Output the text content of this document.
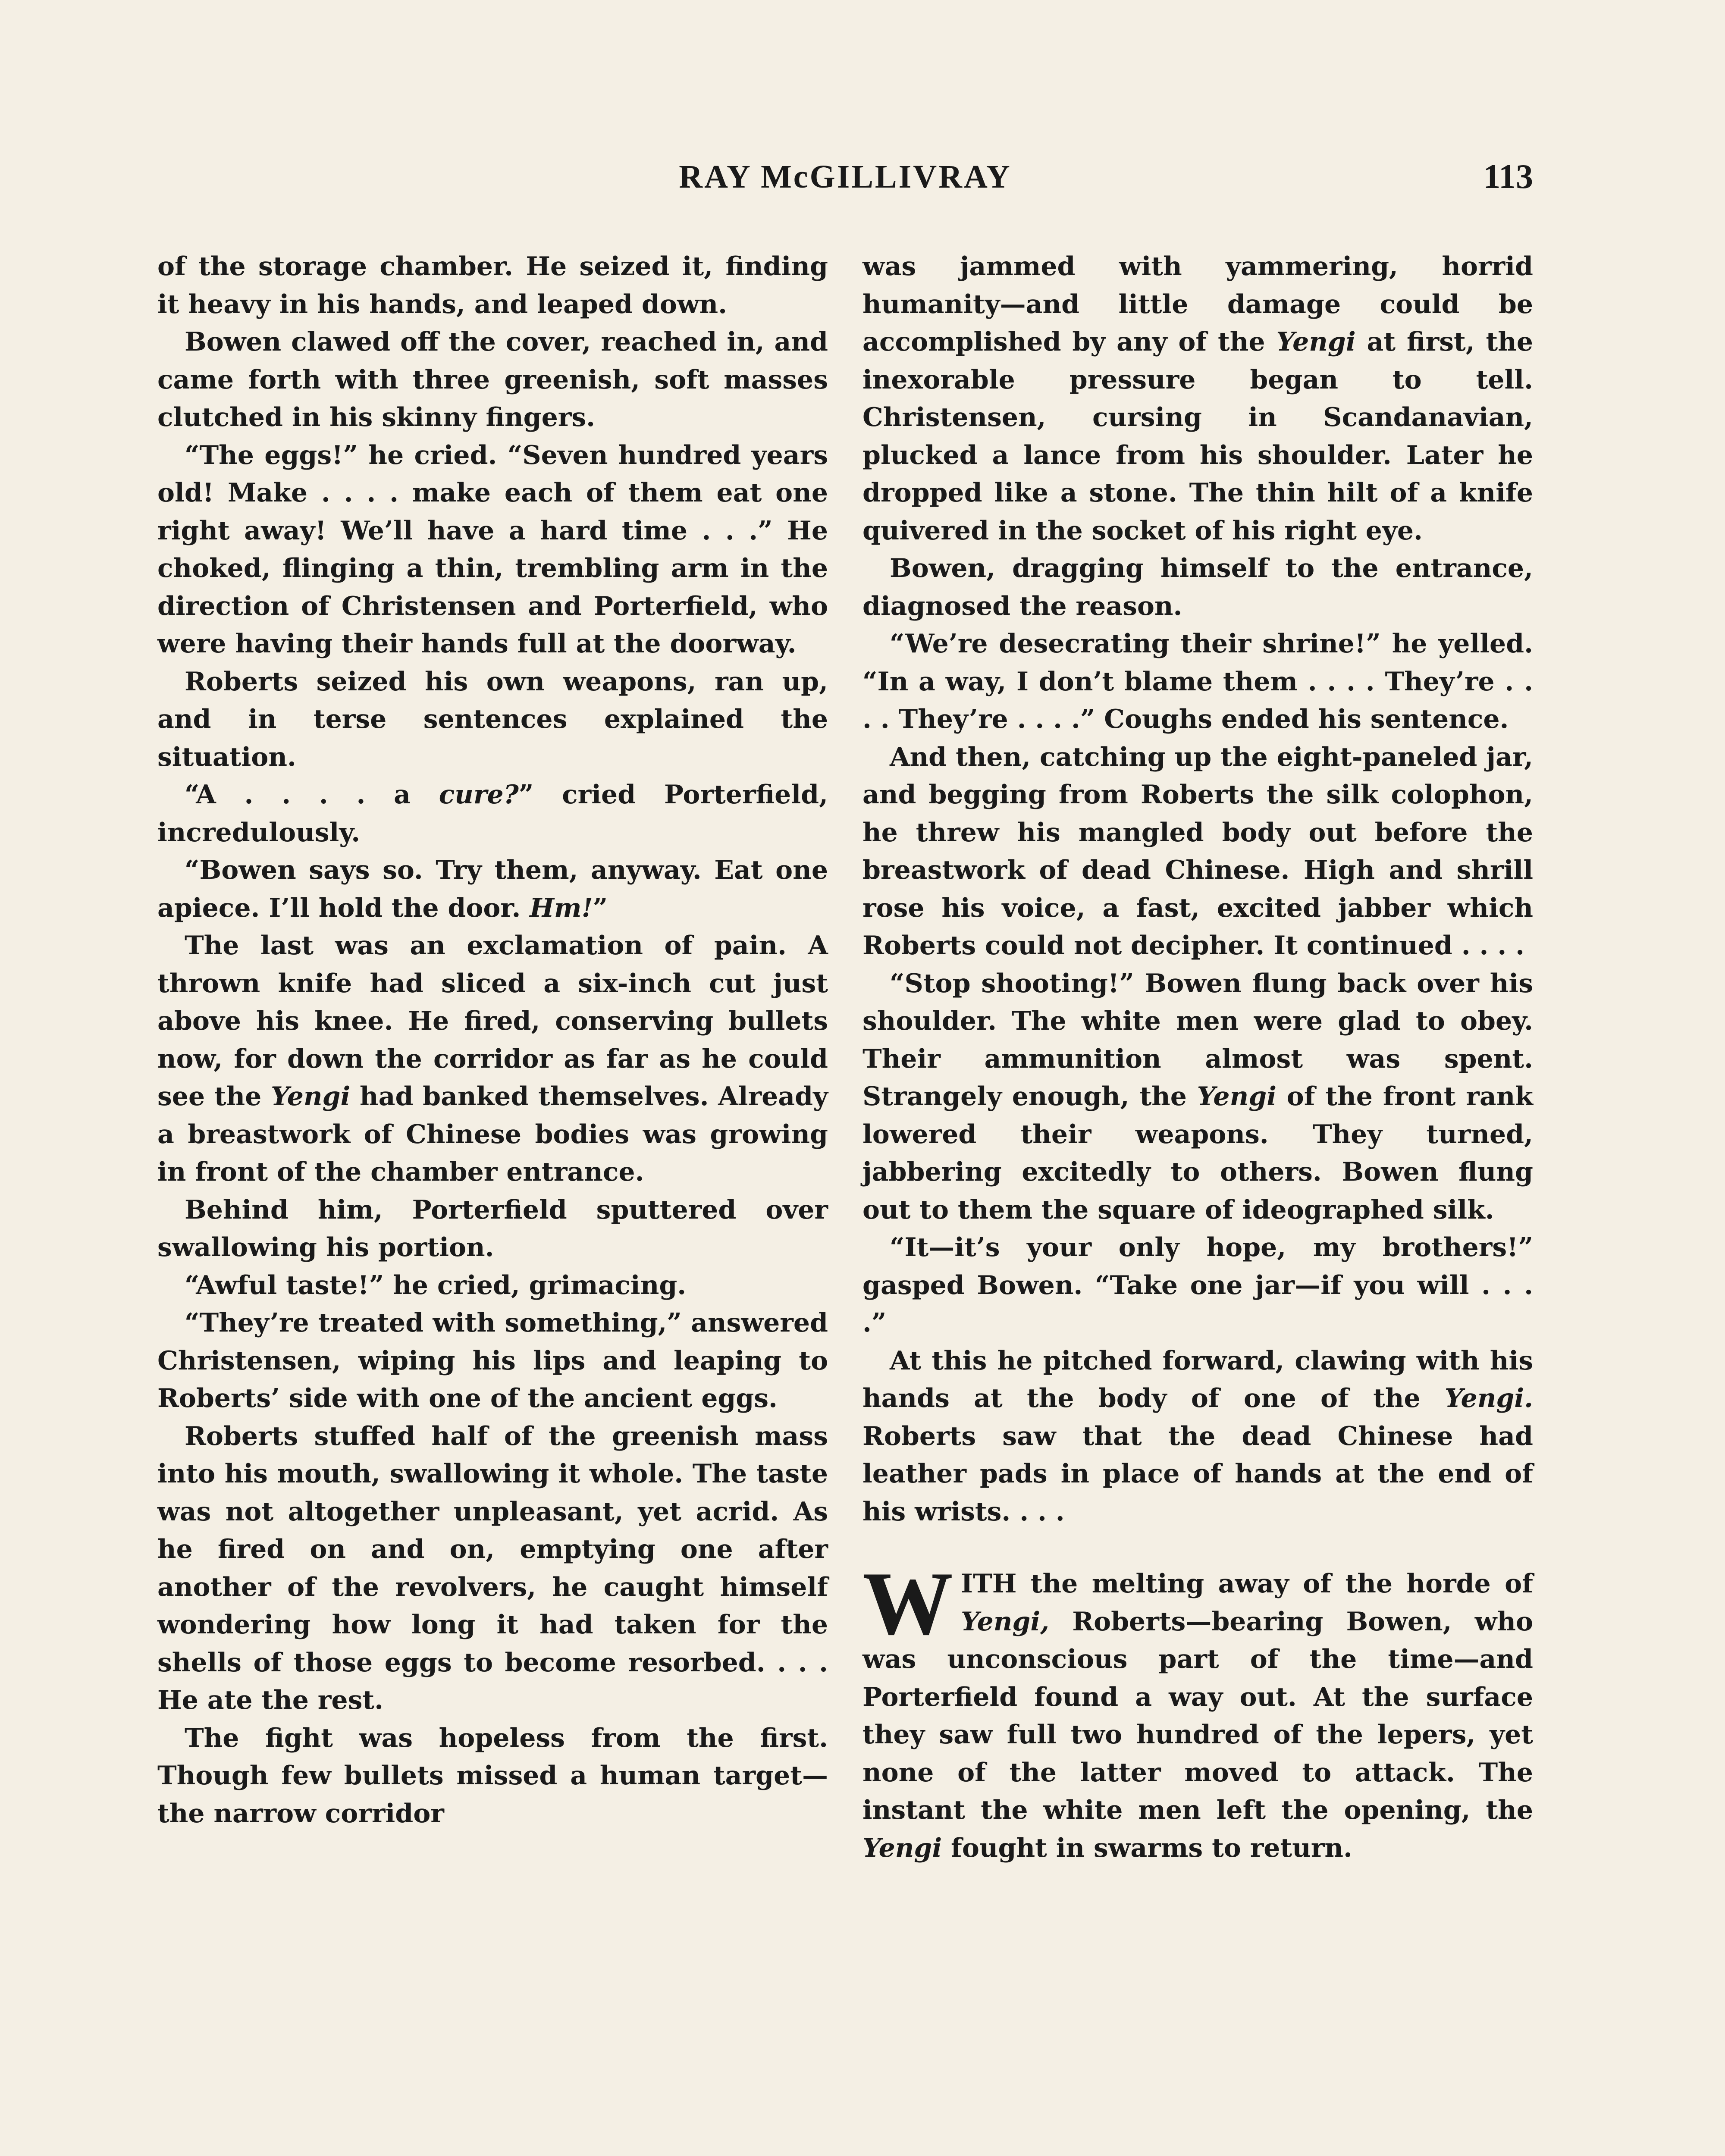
RAY McGILLIVRAY	113

of the storage chamber. He seized it, finding it heavy in his hands, and leaped down.

Bowen clawed off the cover, reached in, and came forth with three greenish, soft masses clutched in his skinny fingers.

“The eggs!” he cried. “Seven hundred years old! Make . . . . make each of them eat one right away! We’ll have a hard time . . .” He choked, flinging a thin, trembling arm in the direction of Christensen and Porterfield, who were having their hands full at the doorway.

Roberts seized his own weapons, ran up, and in terse sentences explained the situation.

“A . . . . a cure?” cried Porterfield, incredulously.

“Bowen says so. Try them, anyway. Eat one apiece. I’ll hold the door. Hm!”

The last was an exclamation of pain. A thrown knife had sliced a six-inch cut just above his knee. He fired, conserving bullets now, for down the corridor as far as he could see the Yengi had banked themselves. Already a breastwork of Chinese bodies was growing in front of the chamber entrance.

Behind him, Porterfield sputtered over swallowing his portion.

“Awful taste!” he cried, grimacing.

“They’re treated with something,” answered Christensen, wiping his lips and leaping to Roberts’ side with one of the ancient eggs.

Roberts stuffed half of the greenish mass into his mouth, swallowing it whole. The taste was not altogether unpleasant, yet acrid. As he fired on and on, emptying one after another of the revolvers, he caught himself wondering how long it had taken for the shells of those eggs to become resorbed. . . . He ate the rest.

The fight was hopeless from the first. Though few bullets missed a human target—the narrow corridor

was jammed with yammering, horrid humanity—and little damage could be accomplished by any of the Yengi at first, the inexorable pressure began to tell. Christensen, cursing in Scandanavian, plucked a lance from his shoulder. Later he dropped like a stone. The thin hilt of a knife quivered in the socket of his right eye.

Bowen, dragging himself to the entrance, diagnosed the reason.

“We’re desecrating their shrine!” he yelled. “In a way, I don’t blame them . . . . They’re . . . . They’re . . . .” Coughs ended his sentence.

And then, catching up the eight-paneled jar, and begging from Roberts the silk colophon, he threw his mangled body out before the breastwork of dead Chinese. High and shrill rose his voice, a fast, excited jabber which Roberts could not decipher. It continued . . . .

“Stop shooting!” Bowen flung back over his shoulder. The white men were glad to obey. Their ammunition almost was spent. Strangely enough, the Yengi of the front rank lowered their weapons. They turned, jabbering excitedly to others. Bowen flung out to them the square of ideographed silk.

“It—it’s your only hope, my brothers!” gasped Bowen. “Take one jar—if you will . . . .”

At this he pitched forward, clawing with his hands at the body of one of the Yengi. Roberts saw that the dead Chinese had leather pads in place of hands at the end of his wrists. . . .

WITH the melting away of the horde of Yengi, Roberts—bearing Bowen, who was unconscious part of the time—and Porterfield found a way out. At the surface they saw full two hundred of the lepers, yet none of the latter moved to attack. The instant the white men left the opening, the Yengi fought in swarms to return.
